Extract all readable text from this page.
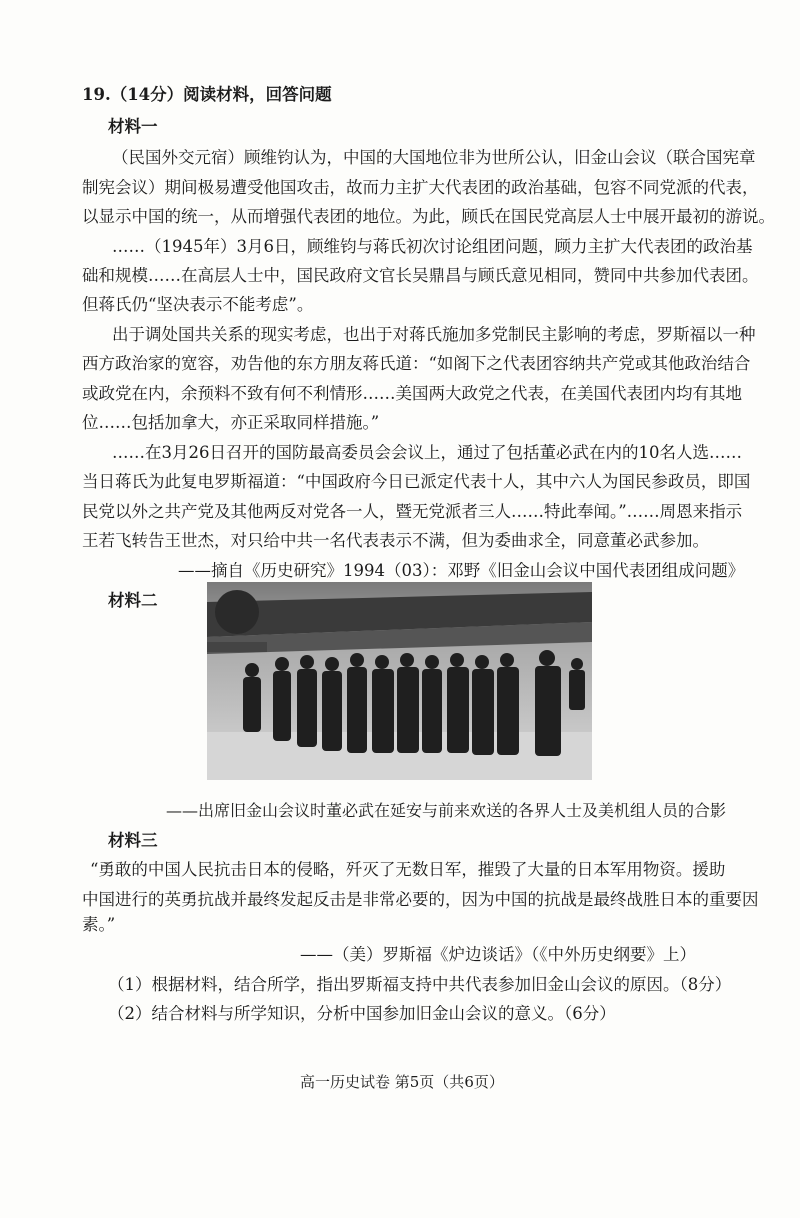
19.（14分）阅读材料，回答问题
材料一
（民国外交元宿）顾维钧认为，中国的大国地位非为世所公认，旧金山会议（联合国宪章
制宪会议）期间极易遭受他国攻击，故而力主扩大代表团的政治基础，包容不同党派的代表，
以显示中国的统一，从而增强代表团的地位。为此，顾氏在国民党高层人士中展开最初的游说。
……（1945年）3月6日，顾维钧与蒋氏初次讨论组团问题，顾力主扩大代表团的政治基
础和规模……在高层人士中，国民政府文官长吴鼎昌与顾氏意见相同，赞同中共参加代表团。
但蒋氏仍“坚决表示不能考虑”。
出于调处国共关系的现实考虑，也出于对蒋氏施加多党制民主影响的考虑，罗斯福以一种
西方政治家的宽容，劝告他的东方朋友蒋氏道：“如阁下之代表团容纳共产党或其他政治结合
或政党在内，余预料不致有何不利情形……美国两大政党之代表，在美国代表团内均有其地
位……包括加拿大，亦正采取同样措施。”
……在3月26日召开的国防最高委员会会议上，通过了包括董必武在内的10名人选……
当日蒋氏为此复电罗斯福道：“中国政府今日已派定代表十人，其中六人为国民参政员，即国
民党以外之共产党及其他两反对党各一人，暨无党派者三人……特此奉闻。”……周恩来指示
王若飞转告王世杰，对只给中共一名代表表示不满，但为委曲求全，同意董必武参加。
——摘自《历史研究》1994（03）：邓野《旧金山会议中国代表团组成问题》
材料二
——出席旧金山会议时董必武在延安与前来欢送的各界人士及美机组人员的合影
材料三
“勇敢的中国人民抗击日本的侵略，歼灭了无数日军，摧毁了大量的日本军用物资。援助
中国进行的英勇抗战并最终发起反击是非常必要的，因为中国的抗战是最终战胜日本的重要因
素。”
——（美）罗斯福《炉边谈话》（《中外历史纲要》上）
（1）根据材料，结合所学，指出罗斯福支持中共代表参加旧金山会议的原因。（8分）
（2）结合材料与所学知识，分析中国参加旧金山会议的意义。（6分）
高一历史试卷 第5页（共6页）
